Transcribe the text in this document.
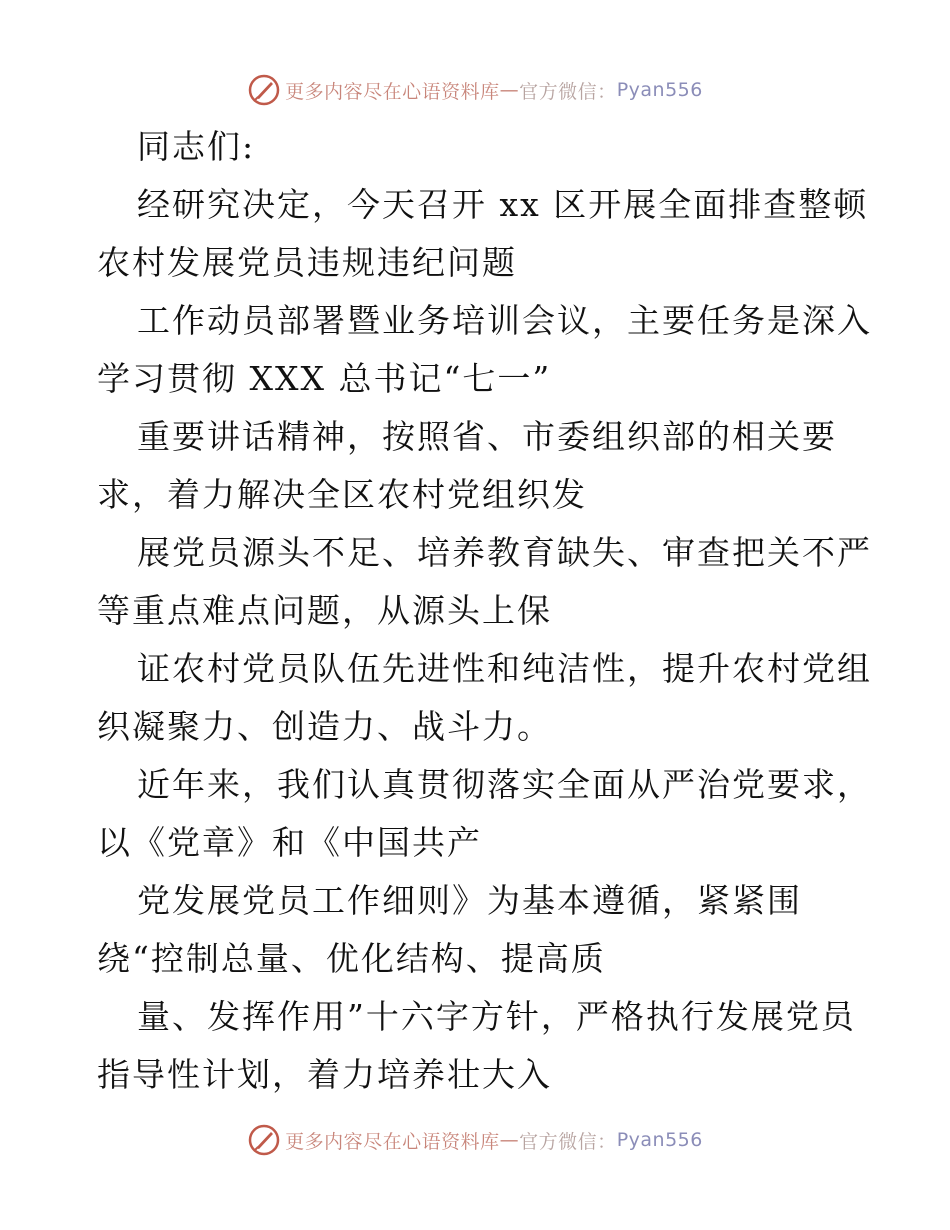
更多内容尽在心语资料库 — 官方微信： Pyan556
同志们:
经研究决定，今天召开 xx 区开展全面排查整顿
农村发展党员违规违纪问题
工作动员部署暨业务培训会议，主要任务是深入
学习贯彻 XXX 总书记“七一”
重要讲话精神，按照省、市委组织部的相关要
求，着力解决全区农村党组织发
展党员源头不足、培养教育缺失、审查把关不严
等重点难点问题，从源头上保
证农村党员队伍先进性和纯洁性，提升农村党组
织凝聚力、创造力、战斗力。
近年来，我们认真贯彻落实全面从严治党要求，
以《党章》和《中国共产
党发展党员工作细则》为基本遵循，紧紧围
绕“控制总量、优化结构、提高质
量、发挥作用”十六字方针，严格执行发展党员
指导性计划，着力培养壮大入
更多内容尽在心语资料库 — 官方微信： Pyan556
